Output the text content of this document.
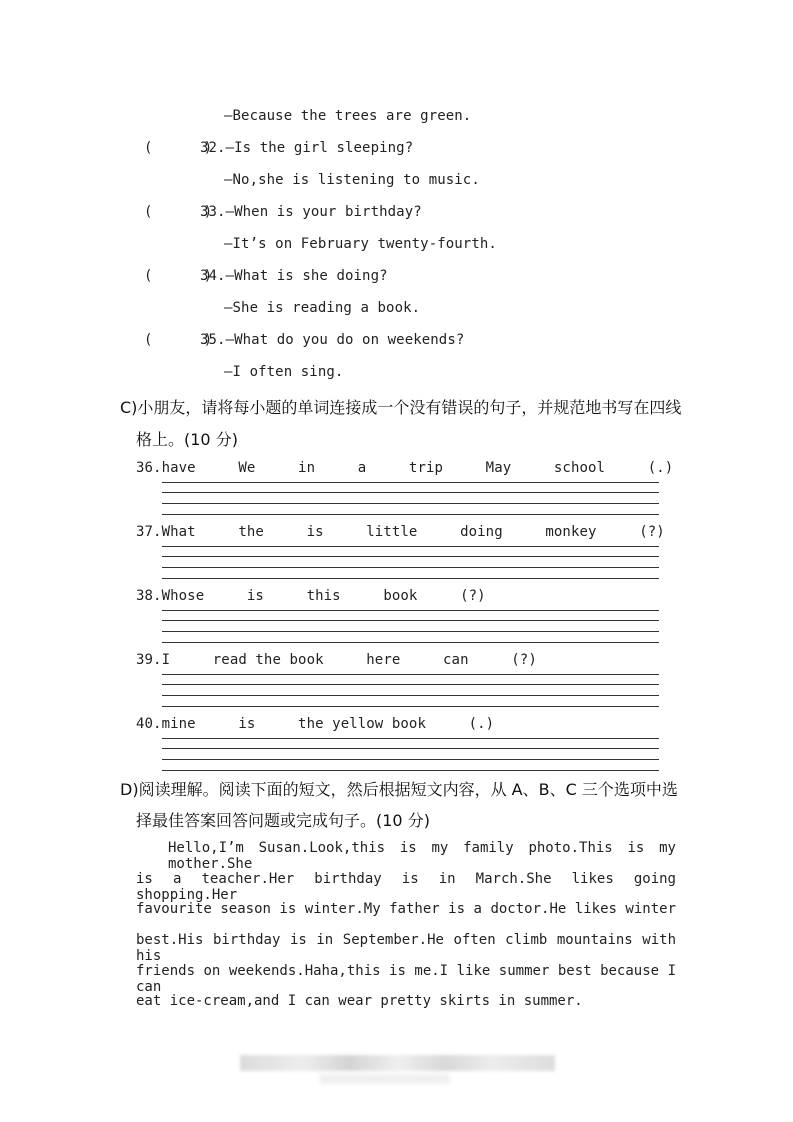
—Because the trees are green.
(      )
32.—Is the girl sleeping?
—No,she is listening to music.
(      )
33.—When is your birthday?
—It’s on February twenty-fourth.
(      )
34.—What is she doing?
—She is reading a book.
(      )
35.—What do you do on weekends?
—I often sing.
C)小朋友，请将每小题的单词连接成一个没有错误的句子，并规范地书写在四线
格上。(10 分)
36.have     We     in     a     trip     May     school     (.)
37.What     the     is     little     doing     monkey     (?)
38.Whose     is     this     book     (?)
39.I     read the book     here     can     (?)
40.mine     is     the yellow book     (.)
D)阅读理解。阅读下面的短文，然后根据短文内容，从 A、B、C 三个选项中选
择最佳答案回答问题或完成句子。(10 分)
Hello,I’m Susan.Look,this is my family photo.This is my mother.She
is a teacher.Her birthday is in March.She likes going shopping.Her
favourite season is winter.My father is a doctor.He likes winter
best.His birthday is in September.He often climb mountains with his
friends on weekends.Haha,this is me.I like summer best because I can
eat ice-cream,and I can wear pretty skirts in summer.
